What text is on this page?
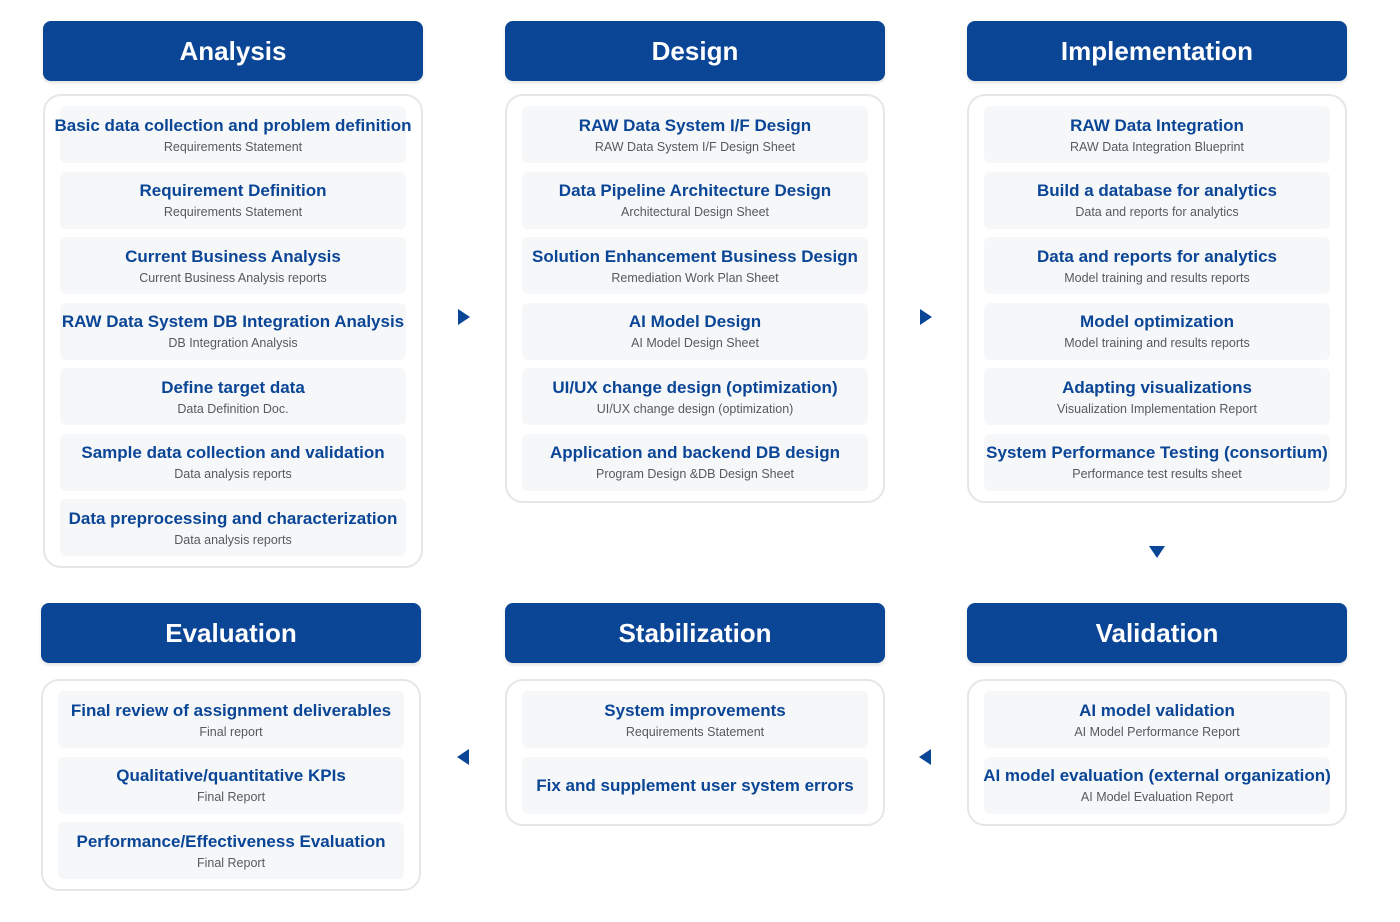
Analysis
Basic data collection and problem definition
Requirements Statement
Requirement Definition
Requirements Statement
Current Business Analysis
Current Business Analysis reports
RAW Data System DB Integration Analysis
DB Integration Analysis
Define target data
Data Definition Doc.
Sample data collection and validation
Data analysis reports
Data preprocessing and characterization
Data analysis reports
Design
RAW Data System I/F Design
RAW Data System I/F Design Sheet
Data Pipeline Architecture Design
Architectural Design Sheet
Solution Enhancement Business Design
Remediation Work Plan Sheet
AI Model Design
AI Model Design Sheet
UI/UX change design (optimization)
UI/UX change design (optimization)
Application and backend DB design
Program Design &DB Design Sheet
Implementation
RAW Data Integration
RAW Data Integration Blueprint
Build a database for analytics
Data and reports for analytics
Data and reports for analytics
Model training and results reports
Model optimization
Model training and results reports
Adapting visualizations
Visualization Implementation Report
System Performance Testing (consortium)
Performance test results sheet
Evaluation
Final review of assignment deliverables
Final report
Qualitative/quantitative KPIs
Final Report
Performance/Effectiveness Evaluation
Final Report
Stabilization
System improvements
Requirements Statement
Fix and supplement user system errors
Validation
AI model validation
AI Model Performance Report
AI model evaluation (external organization)
AI Model Evaluation Report
